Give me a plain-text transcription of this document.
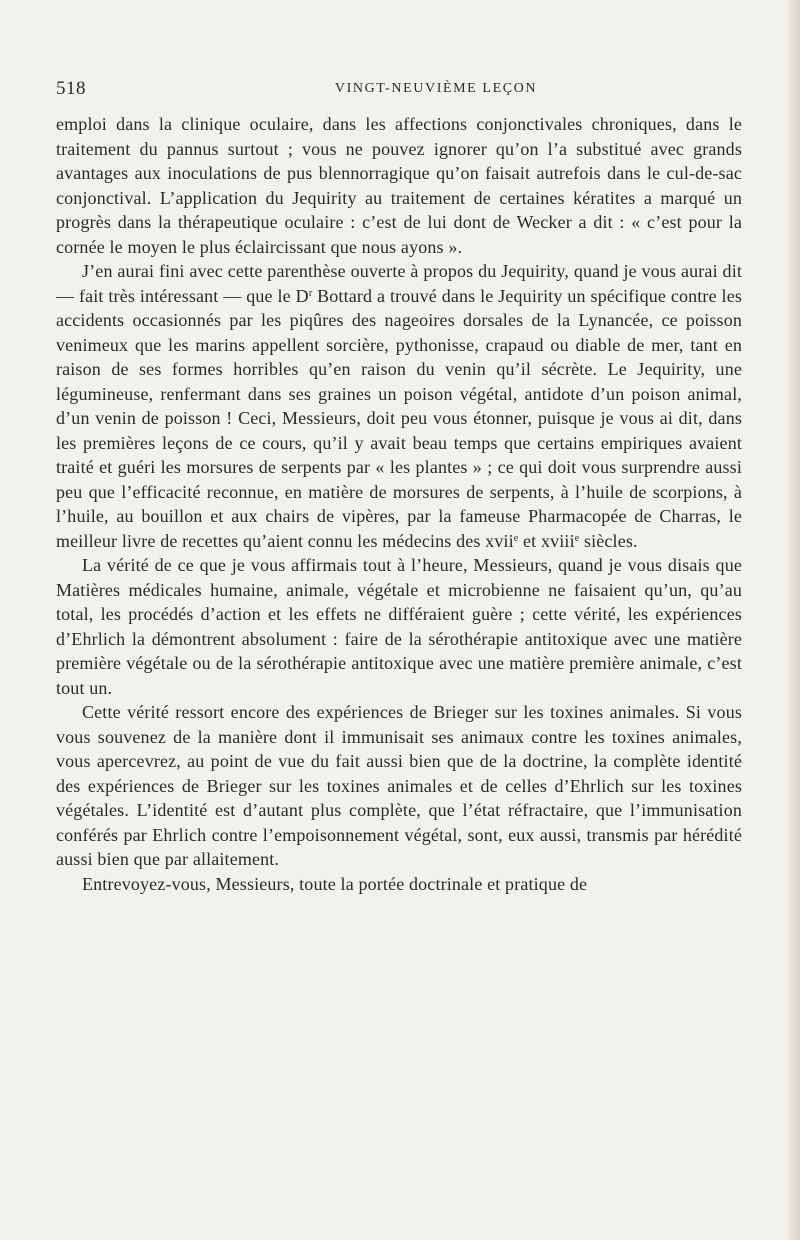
518	VINGT-NEUVIÈME LEÇON

emploi dans la clinique oculaire, dans les affections conjonctivales chroniques, dans le traitement du pannus surtout ; vous ne pouvez ignorer qu’on l’a substitué avec grands avantages aux inoculations de pus blennorragique qu’on faisait autrefois dans le cul-de-sac conjonctival. L’application du Jequirity au traitement de certaines kératites a marqué un progrès dans la thérapeutique oculaire : c’est de lui dont de Wecker a dit : « c’est pour la cornée le moyen le plus éclaircissant que nous ayons ».

J’en aurai fini avec cette parenthèse ouverte à propos du Jequirity, quand je vous aurai dit — fait très intéressant — que le $D^r$ Bottard a trouvé dans le Jequirity un spécifique contre les accidents occasionnés par les piqûres des nageoires dorsales de la Lynancée, ce poisson venimeux que les marins appellent sorcière, pythonisse, crapaud ou diable de mer, tant en raison de ses formes horribles qu’en raison du venin qu’il sécrète. Le Jequirity, une légumineuse, renfermant dans ses graines un poison végétal, antidote d’un poison animal, d’un venin de poisson ! Ceci, Messieurs, doit peu vous étonner, puisque je vous ai dit, dans les premières leçons de ce cours, qu’il y avait beau temps que certains empiriques avaient traité et guéri les morsures de serpents par « les plantes » ; ce qui doit vous surprendre aussi peu que l’efficacité reconnue, en matière de morsures de serpents, à l’huile de scorpions, à l’huile, au bouillon et aux chairs de vipères, par la fameuse Pharmacopée de Charras, le meilleur livre de recettes qu’aient connu les médecins des xvii$^e$ et xviii$^e$ siècles.

La vérité de ce que je vous affirmais tout à l’heure, Messieurs, quand je vous disais que Matières médicales humaine, animale, végétale et microbienne ne faisaient qu’un, qu’au total, les procédés d’action et les effets ne différaient guère ; cette vérité, les expériences d’Ehrlich la démontrent absolument : faire de la sérothérapie antitoxique avec une matière première végétale ou de la sérothérapie antitoxique avec une matière première animale, c’est tout un.

Cette vérité ressort encore des expériences de Brieger sur les toxines animales. Si vous vous souvenez de la manière dont il immunisait ses animaux contre les toxines animales, vous apercevrez, au point de vue du fait aussi bien que de la doctrine, la complète identité des expériences de Brieger sur les toxines animales et de celles d’Ehrlich sur les toxines végétales. L’identité est d’autant plus complète, que l’état réfractaire, que l’immunisation conférés par Ehrlich contre l’empoisonnement végétal, sont, eux aussi, transmis par hérédité aussi bien que par allaitement.

Entrevoyez-vous, Messieurs, toute la portée doctrinale et pratique de
